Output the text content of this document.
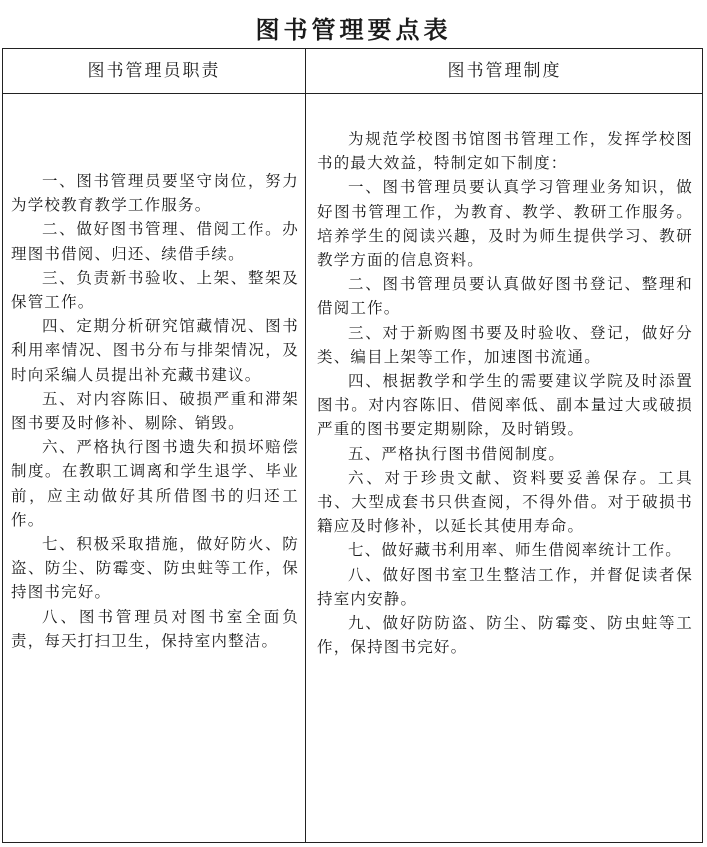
图书管理要点表
图书管理员职责	图书管理制度

一、图书管理员要坚守岗位，努力为学校教育教学工作服务。

二、做好图书管理、借阅工作。办理图书借阅、归还、续借手续。

三、负责新书验收、上架、整架及保管工作。

四、定期分析研究馆藏情况、图书利用率情况、图书分布与排架情况，及时向采编人员提出补充藏书建议。

五、对内容陈旧、破损严重和滞架图书要及时修补、剔除、销毁。

六、严格执行图书遗失和损坏赔偿制度。在教职工调离和学生退学、毕业前，应主动做好其所借图书的归还工作。

七、积极采取措施，做好防火、防盗、防尘、防霉变、防虫蛀等工作，保持图书完好。

八、图书管理员对图书室全面负责，每天打扫卫生，保持室内整洁。

为规范学校图书馆图书管理工作，发挥学校图书的最大效益，特制定如下制度：

一、图书管理员要认真学习管理业务知识，做好图书管理工作，为教育、教学、教研工作服务。培养学生的阅读兴趣，及时为师生提供学习、教研教学方面的信息资料。

二、图书管理员要认真做好图书登记、整理和借阅工作。

三、对于新购图书要及时验收、登记，做好分类、编目上架等工作，加速图书流通。

四、根据教学和学生的需要建议学院及时添置图书。对内容陈旧、借阅率低、副本量过大或破损严重的图书要定期剔除，及时销毁。

五、严格执行图书借阅制度。

六、对于珍贵文献、资料要妥善保存。工具书、大型成套书只供查阅，不得外借。对于破损书籍应及时修补，以延长其使用寿命。

七、做好藏书利用率、师生借阅率统计工作。

八、做好图书室卫生整洁工作，并督促读者保持室内安静。

九、做好防防盗、防尘、防霉变、防虫蛀等工作，保持图书完好。
